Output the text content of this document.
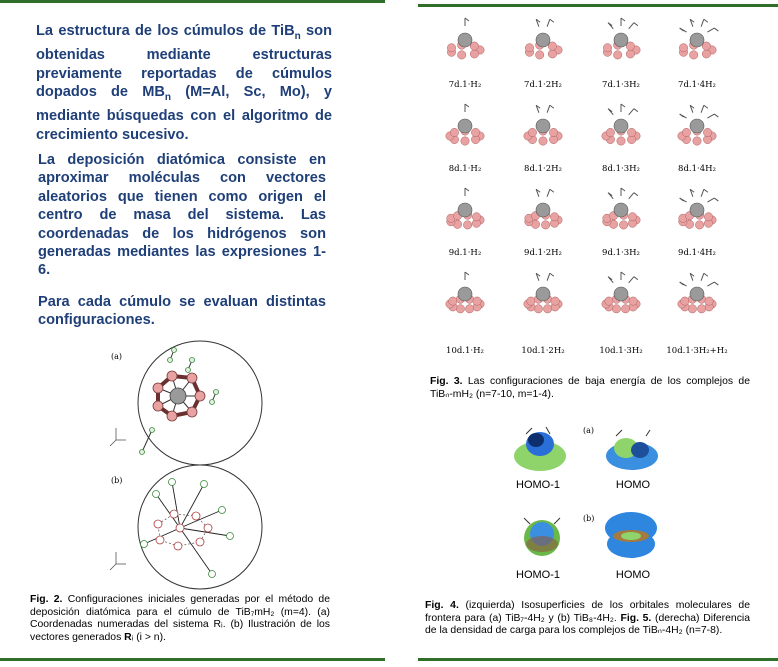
La estructura de los cúmulos de TiB$_n$ son obtenidas mediante estructuras previamente reportadas de cúmulos dopados de $MB_n$ (M=Al, Sc, Mo), y mediante búsquedas con el algoritmo de crecimiento sucesivo.
La deposición diatómica consiste en aproximar moléculas con vectores aleatorios que tienen como origen el centro de masa del sistema. Las coordenadas de los hidrógenos son generadas mediantes las expresiones 1-6.
Para cada cúmulo se evaluan distintas configuraciones.
(a)
(b)
Fig. 2. Configuraciones iniciales generadas por el método de deposición diatómica para el cúmulo de TiB₇mH₂ (m=4). (a) Coordenadas numeradas del sistema Rᵢ. (b) Ilustración de los vectores generados Rᵢ (i > n).
7d.1·H₂	7d.1·2H₂	7d.1·3H₂	7d.1·4H₂
8d.1·H₂	8d.1·2H₂	8d.1·3H₂	8d.1·4H₂
9d.1·H₂	9d.1·2H₂	9d.1·3H₂	9d.1·4H₂
10d.1·H₂	10d.1·2H₂	10d.1·3H₂	10d.1·3H₂+H₂
Fig. 3. Las configuraciones de baja energía de los complejos de TiBₙ-mH₂ (n=7-10, m=1-4).
(a)
(b)
HOMO-1	HOMO
HOMO-1	HOMO
Fig. 4. (izquierda) Isosuperficies de los orbitales moleculares de frontera para (a) TiB₇-4H₂ y (b) TiB₈-4H₂. Fig. 5. (derecha) Diferencia de la densidad de carga para los complejos de TiBₙ-4H₂ (n=7-8).
